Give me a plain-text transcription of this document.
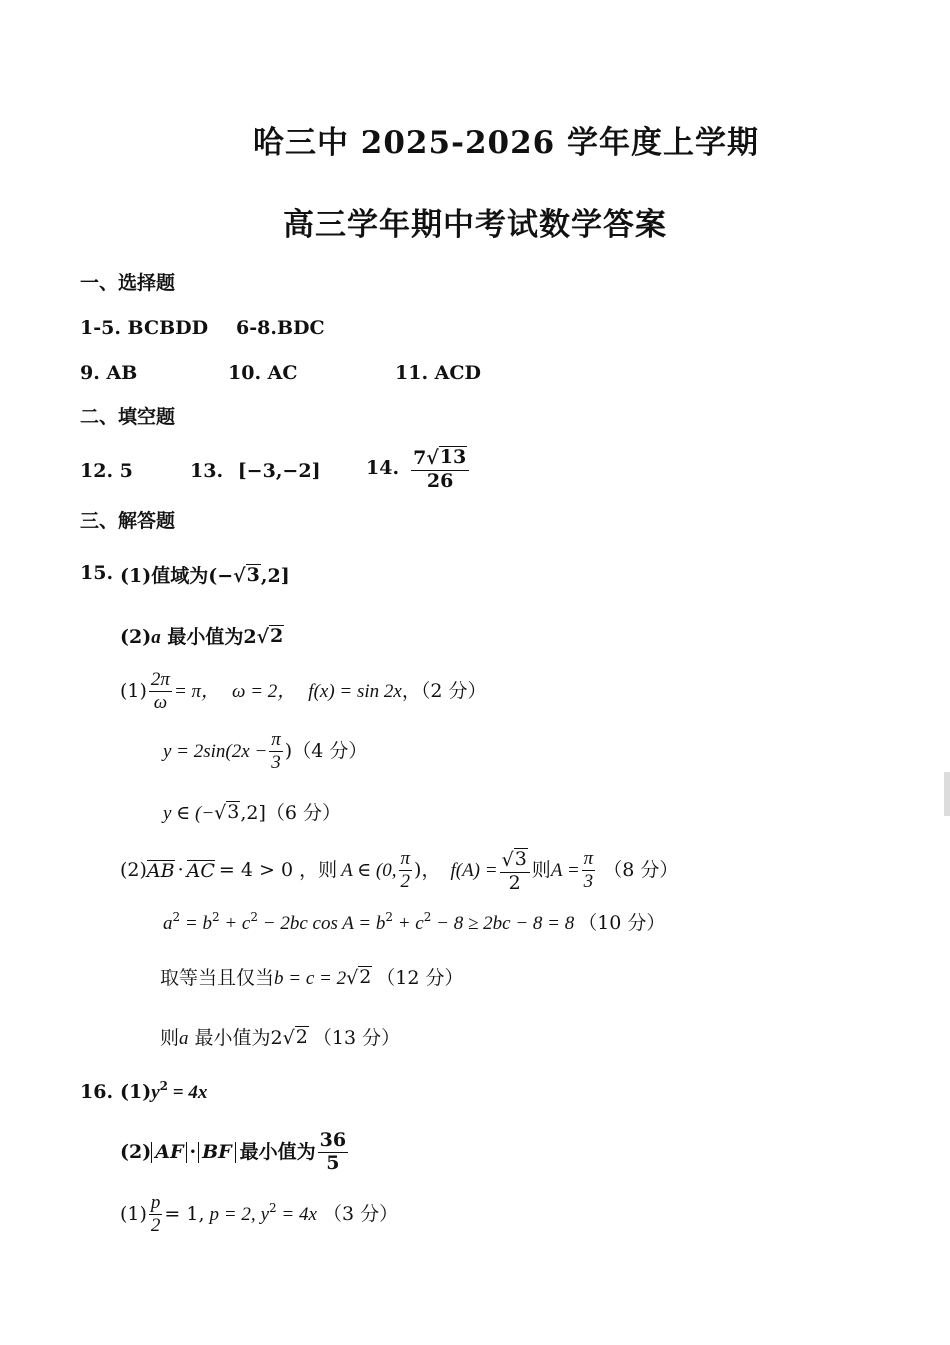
哈三中 2025-2026 学年度上学期
高三学年期中考试数学答案
一、选择题
1-5. BCBDD 6-8.BDC
9. AB	10. AC	11. ACD
二、填空题
12. 5	13. [−3,−2] 14. $\frac{7 √ 13}{26}$
三、解答题
15. (1)值域为(− √ 3 ,2]
(2)a 最小值为2 √ 2
$(1) \frac{2\pi}{\omega} = \pi$， ω = 2， f(x) = sin 2x ，（2 分）
$y = 2\sin(2x - \frac{\pi}{3}$ ) （4 分）
y ∈ (− √ 3 ,2]（6 分）
(2) AB · AC = 4 > 0 ，则 A ∈ (0, $\frac{\pi}{2}$ )， $f(A) = \frac{√ 3}{2}$ 则 $A = \frac{\pi}{3} (8$ 分）
$a^2 = b^2 + c^2 - 2bc$ $\cos A = b^2 + c^2 - 8 \ge 2bc - 8 = 8$ （10 分）
取等当且仅当b = c = 2 √ 2 （12 分）
则a 最小值为2 √ 2 （13 分）
16. $(1)y^2 = 4x$
(2) AF · BF 最小值为 $\frac{36}{5}$
$(1) \frac{p}{2} = 1$, p = 2, $y^2 = 4x$ （3 分）
